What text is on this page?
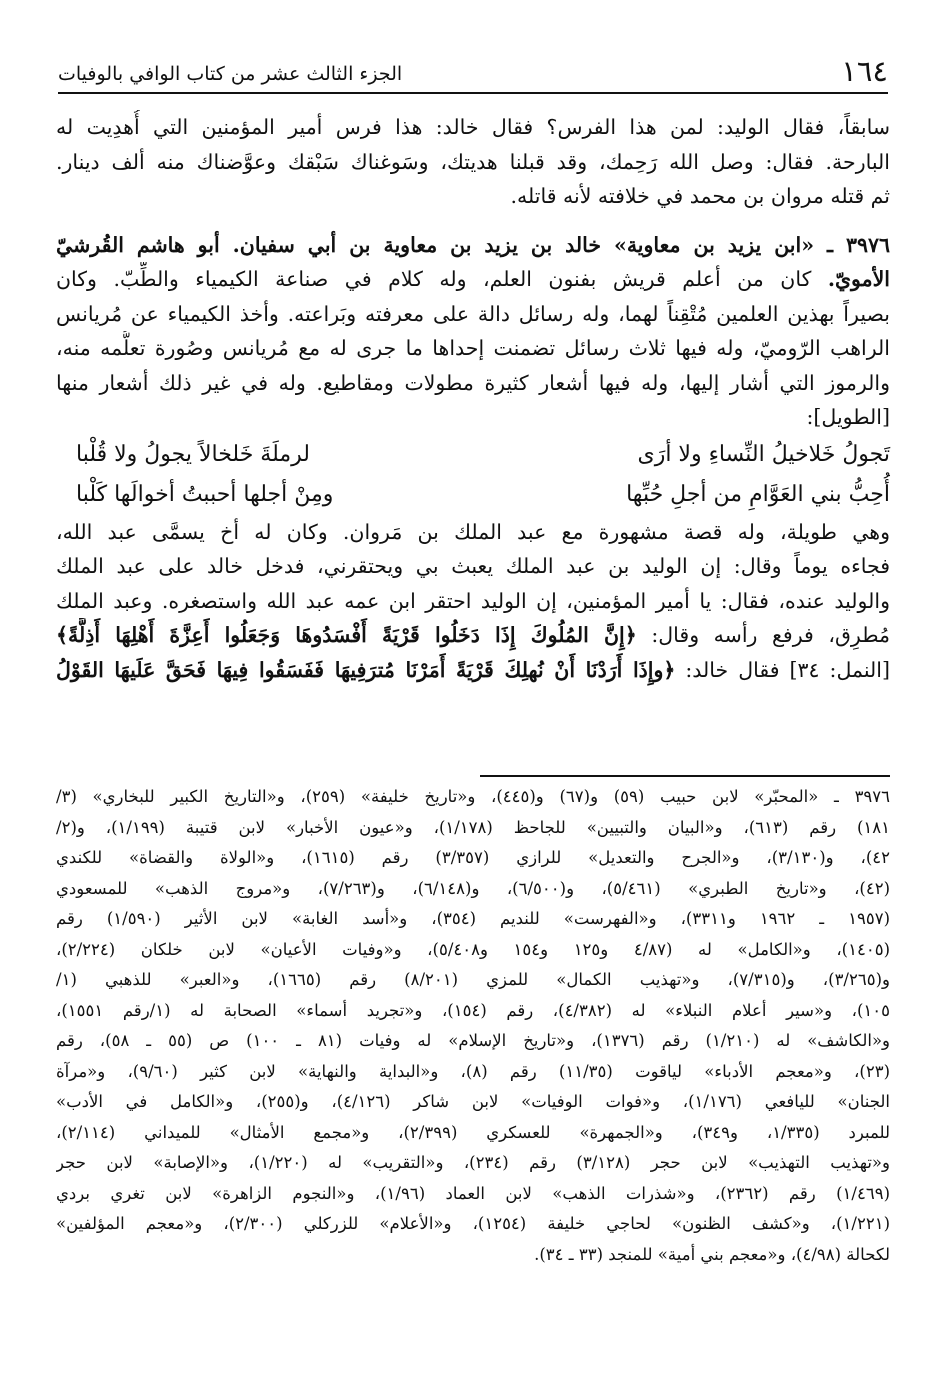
١٦٤
الجزء الثالث عشر من كتاب الوافي بالوفيات
سابقاً، فقال الوليد: لمن هذا الفرس؟ فقال خالد: هذا فرس أمير المؤمنين التي أُهدِيت له
البارحة. فقال: وصل الله رَحِمك، وقد قبلنا هديتك، وسَوغناك سَبْقك وعوَّضناك منه ألف دينار.
ثم قتله مروان بن محمد في خلافته لأنه قاتله.
٣٩٧٦ ـ «ابن يزيد بن معاوية» خالد بن يزيد بن معاوية بن أبي سفيان. أبو هاشم القُرشيّ
الأمويّ. كان من أعلم قريش بفنون العلم، وله كلام في صناعة الكيمياء والطِّبّ. وكان
بصيراً بهذين العلمين مُتْقِناً لهما، وله رسائل دالة على معرفته وبَراعته. وأخذ الكيمياء عن مُريانس
الراهب الرّوميّ، وله فيها ثلاث رسائل تضمنت إحداها ما جرى له مع مُريانس وصُورة تعلُّمه منه،
والرموز التي أشار إليها، وله فيها أشعار كثيرة مطولات ومقاطيع. وله في غير ذلك أشعار منها
[الطويل]:
تَجولُ خَلاخيلُ النِّساءِ ولا أرَى
لرملَةَ خَلخالاً يجولُ ولا قُلْبا
أُحِبُّ بني العَوَّامِ من أجلِ حُبِّها
ومِنْ أجلها أحببتُ أخوالَها كَلْبا
وهي طويلة، وله قصة مشهورة مع عبد الملك بن مَروان. وكان له أخ يسمَّى عبد الله،
فجاءه يوماً وقال: إن الوليد بن عبد الملك يعبث بي ويحتقرني، فدخل خالد على عبد الملك
والوليد عنده، فقال: يا أمير المؤمنين، إن الوليد احتقر ابن عمه عبد الله واستصغره. وعبد الملك
مُطرِق، فرفع رأسه وقال: ﴿إِنَّ المُلُوكَ إِذَا دَخَلُوا قَرْيَةً أَفْسَدُوهَا وَجَعَلُوا أَعِزَّةَ أَهْلِهَا أَذِلَّةً﴾
[النمل: ٣٤] فقال خالد: ﴿وإِذَا أَرَدْنَا أَنْ نُهلِكَ قَرْيَةً أَمَرْنَا مُترَفِيهَا فَفَسَقُوا فِيهَا فَحَقَّ عَلَيهَا القَوْلُ
٣٩٧٦ ـ «المحبّر» لابن حبيب (٥٩) و(٦٧) و(٤٤٥)، و«تاريخ خليفة» (٢٥٩)، و«التاريخ الكبير للبخاري» (٣/
١٨١) رقم (٦١٣)، و«البيان والتبيين» للجاحظ (١/١٧٨)، و«عيون الأخبار» لابن قتيبة (١/١٩٩)، و(٢/
٤٢)، و(٣/١٣٠)، و«الجرح والتعديل» للرازي (٣/٣٥٧) رقم (١٦١٥)، و«الولاة والقضاة» للكندي
(٤٢)، و«تاريخ الطبري» (٥/٤٦١)، و(٦/٥٠٠)، و(٦/١٤٨)، و(٧/٢٦٣)، و«مروج الذهب» للمسعودي
(١٩٥٧ ـ ١٩٦٢ و٣٣١١)، و«الفهرست» للنديم (٣٥٤)، و«أسد الغابة» لابن الأثير (١/٥٩٠) رقم
(١٤٠٥)، و«الكامل» له (٤/٨٧ و١٢٥ و١٥٤ و٥/٤٠٨)، و«وفيات الأعيان» لابن خلكان (٢/٢٢٤)،
و(٣/٢٦٥)، و(٧/٣١٥)، و«تهذيب الكمال» للمزي (٨/٢٠١) رقم (١٦٦٥)، و«العبر» للذهبي (١/
١٠٥)، و«سير أعلام النبلاء» له (٤/٣٨٢)، رقم (١٥٤)، و«تجريد أسماء» الصحابة له (١/رقم ١٥٥١)،
و«الكاشف» له (١/٢١٠) رقم (١٣٧٦)، و«تاريخ الإسلام» له وفيات (٨١ ـ ١٠٠) ص (٥٥ ـ ٥٨)، رقم
(٢٣)، و«معجم الأدباء» لياقوت (١١/٣٥) رقم (٨)، و«البداية والنهاية» لابن كثير (٩/٦٠)، و«مرآة
الجنان» لليافعي (١/١٧٦)، و«فوات الوفيات» لابن شاكر (٤/١٢٦)، و(٢٥٥)، و«الكامل في الأدب»
للمبرد (١/٣٣٥، و٣٤٩)، و«الجمهرة» للعسكري (٢/٣٩٩)، و«مجمع الأمثال» للميداني (٢/١١٤)،
و«تهذيب التهذيب» لابن حجر (٣/١٢٨) رقم (٢٣٤)، و«التقريب» له (١/٢٢٠)، و«الإصابة» لابن حجر
(١/٤٦٩) رقم (٢٣٦٢)، و«شذرات الذهب» لابن العماد (١/٩٦)، و«النجوم الزاهرة» لابن تغري بردي
(١/٢٢١)، و«كشف الظنون» لحاجي خليفة (١٢٥٤)، و«الأعلام» للزركلي (٢/٣٠٠)، و«معجم المؤلفين»
لكحالة (٤/٩٨)، و«معجم بني أمية» للمنجد (٣٣ ـ ٣٤).
